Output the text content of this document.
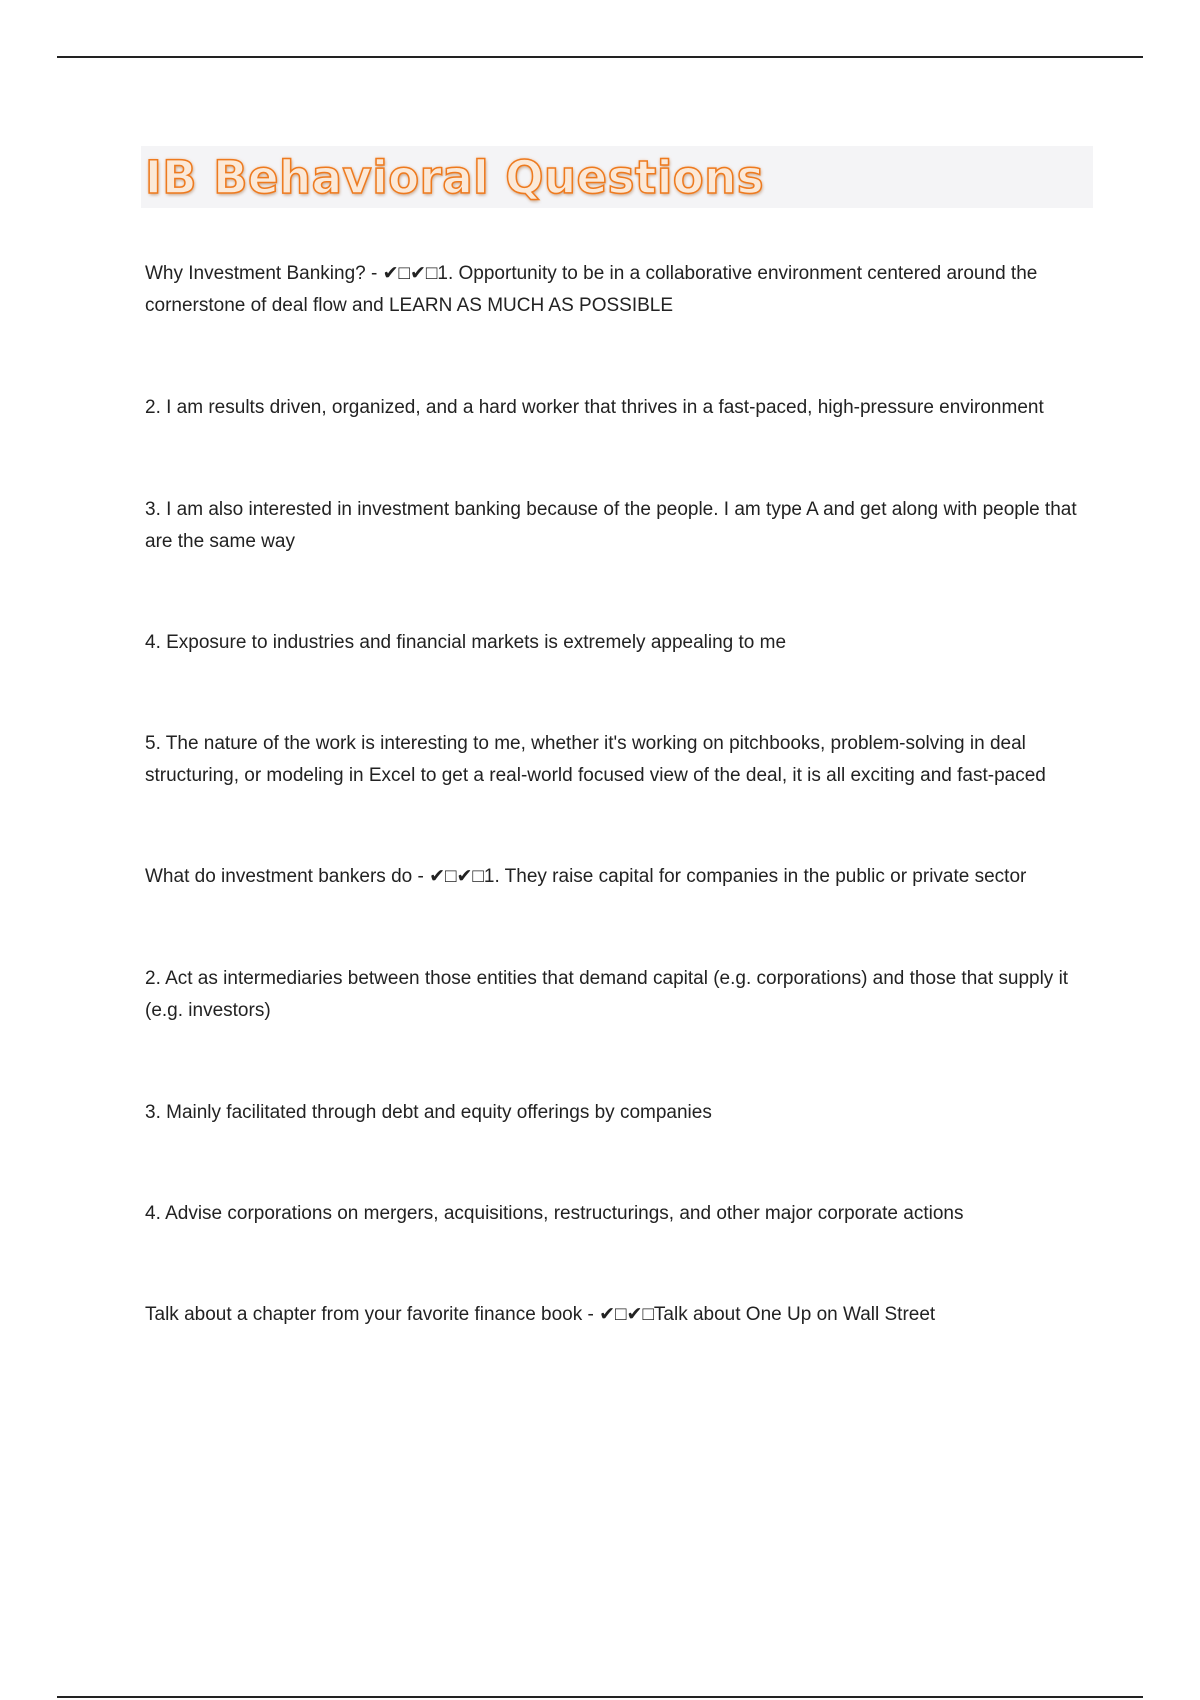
IB Behavioral Questions

Why Investment Banking? - ✔□✔□1. Opportunity to be in a collaborative environment centered around the cornerstone of deal flow and LEARN AS MUCH AS POSSIBLE

2. I am results driven, organized, and a hard worker that thrives in a fast-paced, high-pressure environment

3. I am also interested in investment banking because of the people. I am type A and get along with people that are the same way

4. Exposure to industries and financial markets is extremely appealing to me

5. The nature of the work is interesting to me, whether it's working on pitchbooks, problem-solving in deal structuring, or modeling in Excel to get a real-world focused view of the deal, it is all exciting and fast-paced

What do investment bankers do - ✔□✔□1. They raise capital for companies in the public or private sector

2. Act as intermediaries between those entities that demand capital (e.g. corporations) and those that supply it (e.g. investors)

3. Mainly facilitated through debt and equity offerings by companies

4. Advise corporations on mergers, acquisitions, restructurings, and other major corporate actions

Talk about a chapter from your favorite finance book - ✔□✔□Talk about One Up on Wall Street
